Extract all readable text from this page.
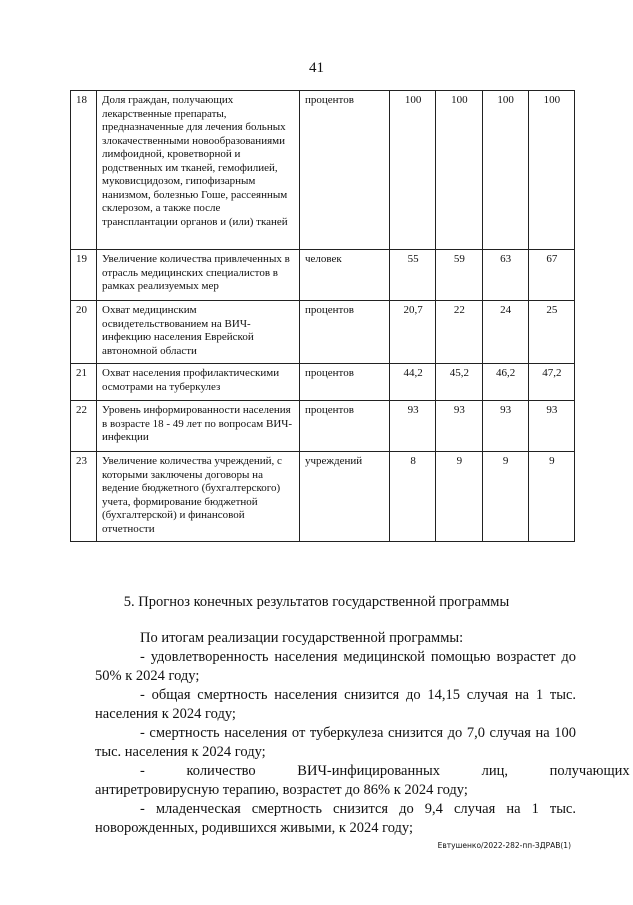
41
18	Доля граждан, получающих лекарственные препараты, предназначенные для лечения больных злокачественными новообразованиями лимфоидной, кроветворной и родственных им тканей, гемофилией, муковисцидозом, гипофизарным нанизмом, болезнью Гоше, рассеянным склерозом, а также после трансплантации органов и (или) тканей	процентов	100	100	100	100
19	Увеличение количества привлеченных в отрасль медицинских специалистов в рамках реализуемых мер	человек	55	59	63	67
20	Охват медицинским освидетельствованием на ВИЧ-инфекцию населения Еврейской автономной области	процентов	20,7	22	24	25
21	Охват населения профилактическими осмотрами на туберкулез	процентов	44,2	45,2	46,2	47,2
22	Уровень информированности населения в возрасте 18 - 49 лет по вопросам ВИЧ-инфекции	процентов	93	93	93	93
23	Увеличение количества учреждений, с которыми заключены договоры на ведение бюджетного (бухгалтерского) учета, формирование бюджетной (бухгалтерской) и финансовой отчетности	учреждений	8	9	9	9
5. Прогноз конечных результатов государственной программы
По итогам реализации государственной программы:
- удовлетворенность населения медицинской помощью возрастет до
50% к 2024 году;
- общая смертность населения снизится до 14,15 случая на 1 тыс.
населения к 2024 году;
- смертность населения от туберкулеза снизится до 7,0 случая на 100
тыс. населения к 2024 году;
- количество ВИЧ-инфицированных лиц, получающих
антиретровирусную терапию, возрастет до 86% к 2024 году;
- младенческая смертность снизится до 9,4 случая на 1 тыс.
новорожденных, родившихся живыми, к 2024 году;
Евтушенко/2022-282-пп-ЗДРАВ(1)
